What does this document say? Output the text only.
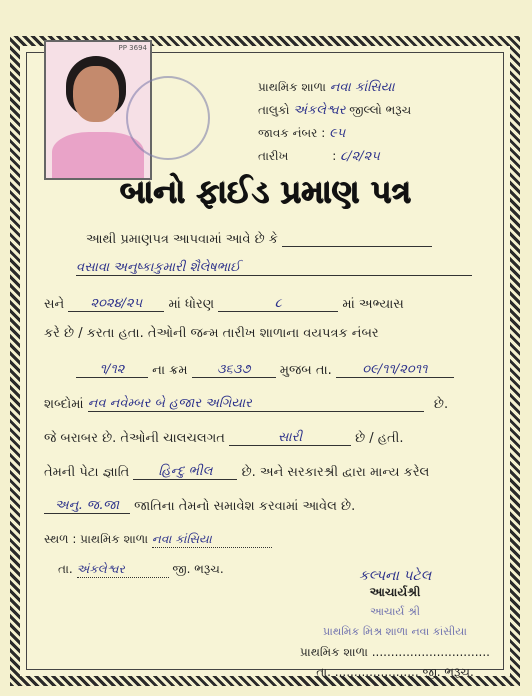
PP 3694
પ્રાથમિક શાળા નવા કાંસિયા
તાલુકો અંકલેશ્વર જીલ્લો ભરૂચ
જાવક નંબર : ૯૫
તારીખ	: ૮/૨/૨૫
બાનો ફાઈડ પ્રમાણ પત્ર
આથી પ્રમાણપત્ર આપવામાં આવે છે કે
વસાવા અનુષ્કાકુમારી શૈલેષભાઈ
સને ૨૦૨૪/૨૫ માં ધોરણ	૮	માં અભ્યાસ
કરે છે / કરતા હતા. તેઓની જન્મ તારીખ શાળાના વયપત્રક નંબર
૧/૧૨ ના ક્રમ ૩૬૩૭ મુજબ તા. ૦૯/૧૧/૨૦૧૧
શબ્દોમાં નવ નવેમ્બર બે હજાર અગિયાર	છે.
જે બરાબર છે. તેઓની ચાલચલગત	સારી	છે / હતી.
તેમની પેટા જ્ઞાતિ હિન્દુ ભીલ છે. અને સરકારશ્રી દ્વારા માન્ય કરેલ
અનુ. જ.જા જાતિના તેમનો સમાવેશ કરવામાં આવેલ છે.
સ્થળ : પ્રાથમિક શાળા નવા કાંસિયા
તા. અંકલેશ્વર	જી. ભરૂચ.	કલ્પના પટેલ
આચાર્યશ્રી
આચાર્ય શ્રી
પ્રાથમિક મિશ્ર શાળા નવા કાંસીયા
પ્રાથમિક શાળા ...............................
તા. ...................... જી. ભરૂચ.
